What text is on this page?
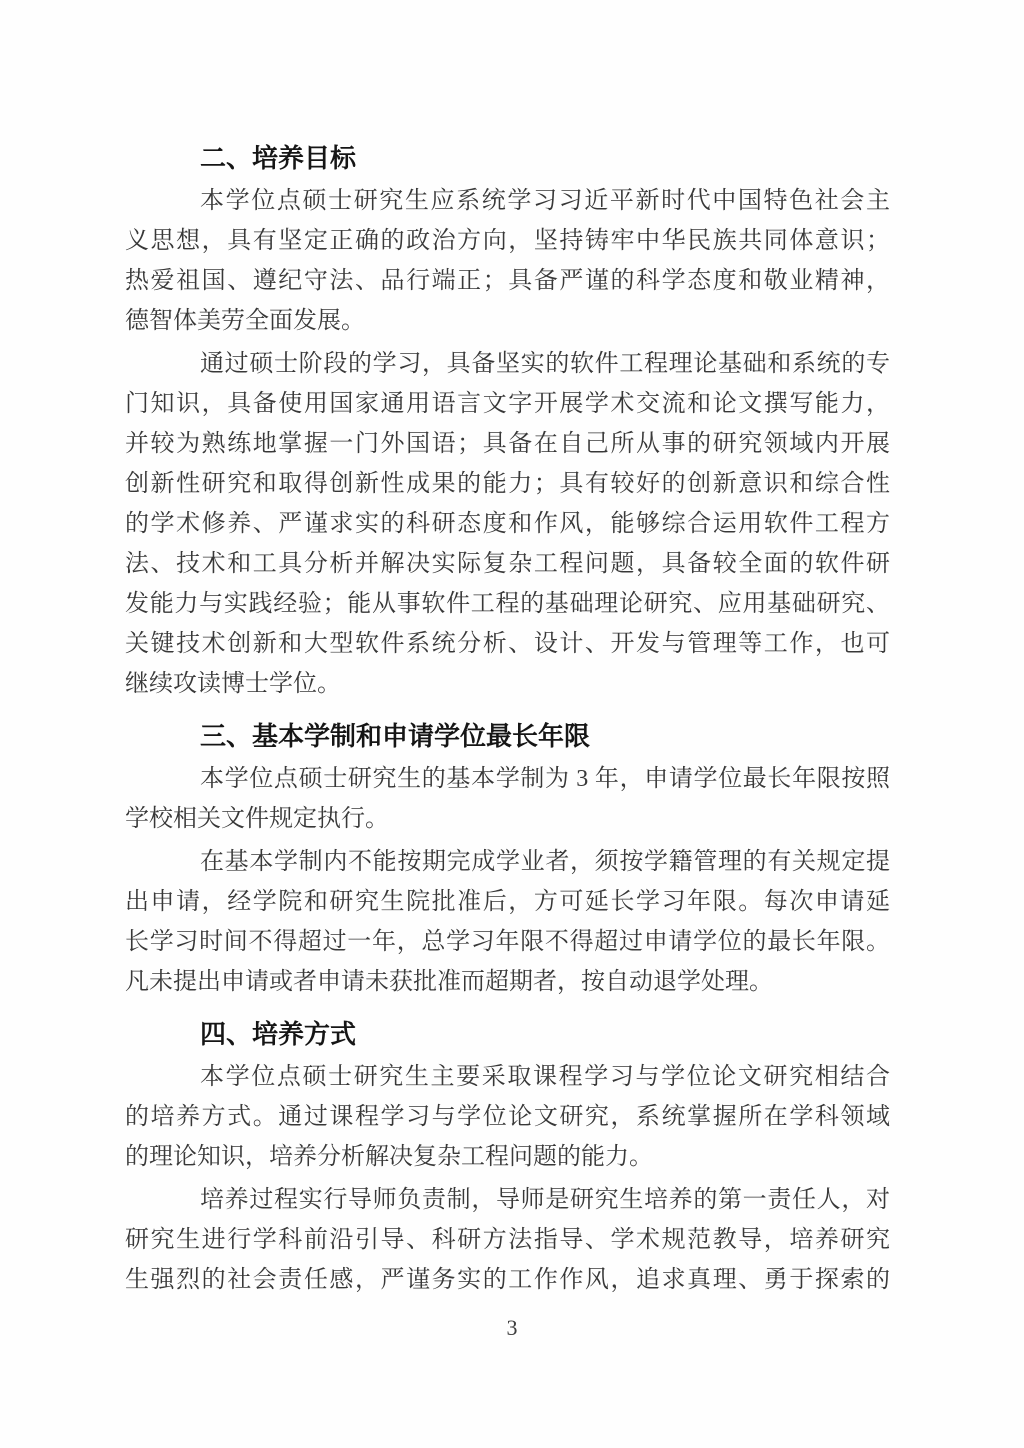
二、培养目标

本学位点硕士研究生应系统学习习近平新时代中国特色社会主
义思想，具有坚定正确的政治方向，坚持铸牢中华民族共同体意识；
热爱祖国、遵纪守法、品行端正；具备严谨的科学态度和敬业精神，
德智体美劳全面发展。

通过硕士阶段的学习，具备坚实的软件工程理论基础和系统的专
门知识，具备使用国家通用语言文字开展学术交流和论文撰写能力，
并较为熟练地掌握一门外国语；具备在自己所从事的研究领域内开展
创新性研究和取得创新性成果的能力；具有较好的创新意识和综合性
的学术修养、严谨求实的科研态度和作风，能够综合运用软件工程方
法、技术和工具分析并解决实际复杂工程问题，具备较全面的软件研
发能力与实践经验；能从事软件工程的基础理论研究、应用基础研究、
关键技术创新和大型软件系统分析、设计、开发与管理等工作，也可
继续攻读博士学位。

三、基本学制和申请学位最长年限

本学位点硕士研究生的基本学制为 3 年，申请学位最长年限按照
学校相关文件规定执行。

在基本学制内不能按期完成学业者，须按学籍管理的有关规定提
出申请，经学院和研究生院批准后，方可延长学习年限。每次申请延
长学习时间不得超过一年，总学习年限不得超过申请学位的最长年限。
凡未提出申请或者申请未获批准而超期者，按自动退学处理。

四、培养方式

本学位点硕士研究生主要采取课程学习与学位论文研究相结合
的培养方式。通过课程学习与学位论文研究，系统掌握所在学科领域
的理论知识，培养分析解决复杂工程问题的能力。

培养过程实行导师负责制，导师是研究生培养的第一责任人，对
研究生进行学科前沿引导、科研方法指导、学术规范教导，培养研究
生强烈的社会责任感，严谨务实的工作作风，追求真理、勇于探索的

3
